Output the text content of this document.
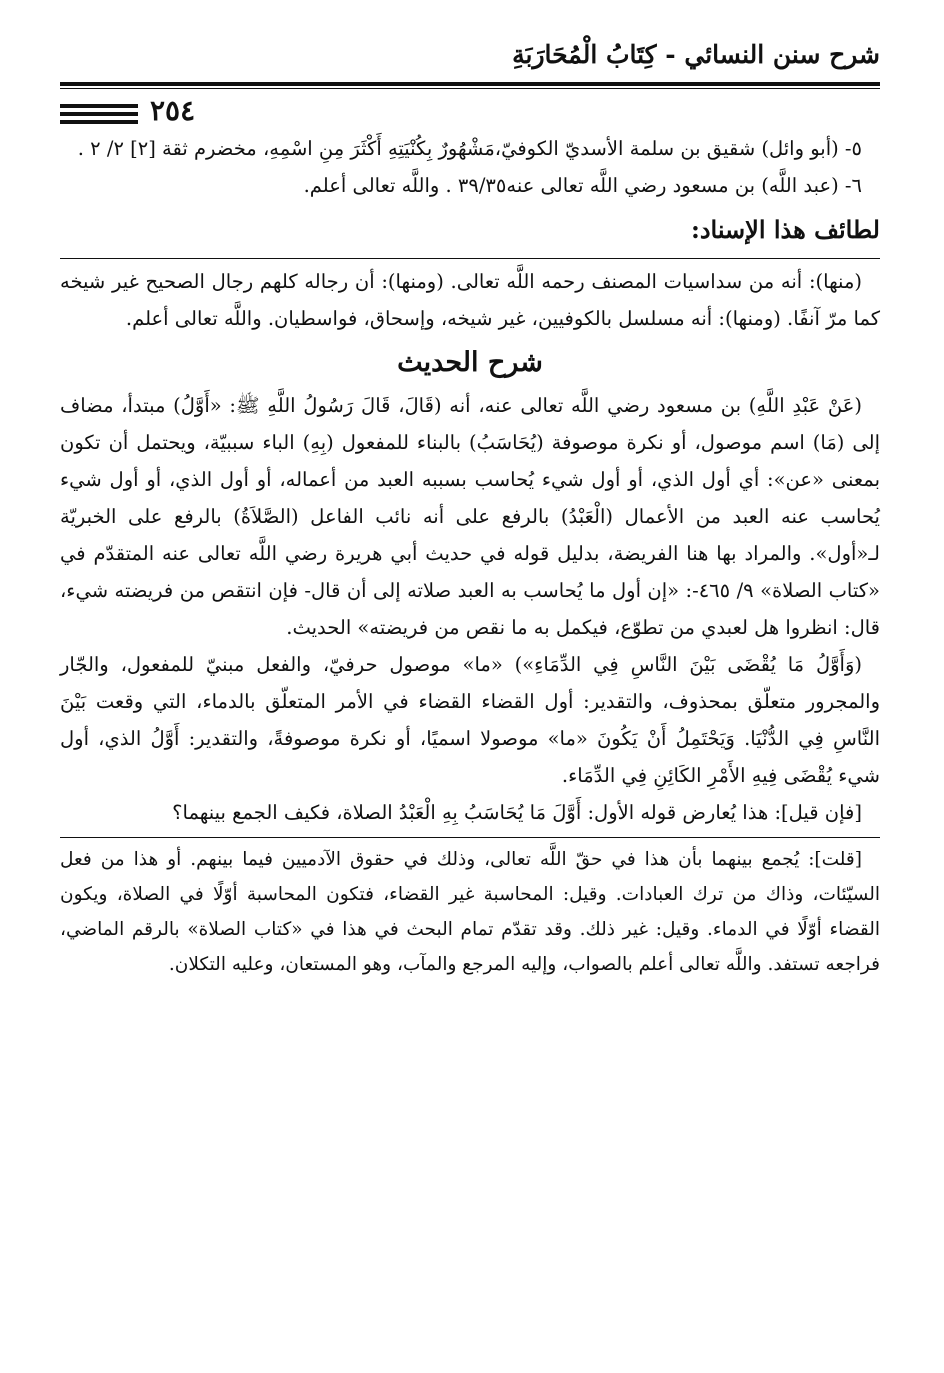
شرح سنن النسائي - كِتَابُ الْمُحَارَبَةِ
٢٥٤

٥- (أبو وائل) شقيق بن سلمة الأسديّ الكوفيّ،مَشْهُورٌ بِكُنْيَتِهِ أَكْثَرَ مِنِ اسْمِهِ، مخضرم ثقة [٢] ٢/ ٢ .

٦- (عبد اللَّه) بن مسعود رضي اللَّه تعالى عنه٣٩/٣٥ . واللَّه تعالى أعلم.

لطائف هذا الإسناد:

(منها): أنه من سداسيات المصنف رحمه اللَّه تعالى. (ومنها): أن رجاله كلهم رجال الصحيح غير شيخه كما مرّ آنفًا. (ومنها): أنه مسلسل بالكوفيين، غير شيخه، وإسحاق، فواسطيان. واللَّه تعالى أعلم.

شرح الحديث

(عَنْ عَبْدِ اللَّهِ) بن مسعود رضي اللَّه تعالى عنه، أنه (قَالَ، قَالَ رَسُولُ اللَّهِ ﷺ: «أَوَّلُ) مبتدأ، مضاف إلى (مَا) اسم موصول، أو نكرة موصوفة (يُحَاسَبُ) بالبناء للمفعول (بِهِ) الباء سببيّة، ويحتمل أن تكون بمعنى «عن»: أي أول الذي، أو أول شيء يُحاسب بسببه العبد من أعماله، أو أول الذي، أو أول شيء يُحاسب عنه العبد من الأعمال (الْعَبْدُ) بالرفع على أنه نائب الفاعل (الصَّلاَةُ) بالرفع على الخبريّة لـ«أول». والمراد بها هنا الفريضة، بدليل قوله في حديث أبي هريرة رضي اللَّه تعالى عنه المتقدّم في «كتاب الصلاة» ٩/ ٤٦٥-: «إن أول ما يُحاسب به العبد صلاته إلى أن قال- فإن انتقص من فريضته شيء، قال: انظروا هل لعبدي من تطوّع، فيكمل به ما نقص من فريضته» الحديث.

(وَأَوَّلُ مَا يُقْضَى بَيْنَ النَّاسِ فِي الدِّمَاءِ») «ما» موصول حرفيّ، والفعل مبنيّ للمفعول، والجّار والمجرور متعلّق بمحذوف، والتقدير: أول القضاء القضاء في الأمر المتعلّق بالدماء، التي وقعت بَيْنَ النَّاسِ فِي الدُّنْيَا. وَيَحْتَمِلُ أَنْ يَكُونَ «ما» موصولا اسميًا، أو نكرة موصوفةً، والتقدير: أَوَّلُ الذي، أول شيء يُقْضَى فِيهِ الأَمْرِ الكَائِنِ فِي الدِّمَاء.

[فإن قيل]: هذا يُعارض قوله الأول: أَوَّلَ مَا يُحَاسَبُ بِهِ الْعَبْدُ الصلاة، فكيف الجمع بينهما؟

[قلت]: يُجمع بينهما بأن هذا في حقّ اللَّه تعالى، وذلك في حقوق الآدميين فيما بينهم. أو هذا من فعل السيّئات، وذاك من ترك العبادات. وقيل: المحاسبة غير القضاء، فتكون المحاسبة أوّلًا في الصلاة، ويكون القضاء أوّلًا في الدماء. وقيل: غير ذلك. وقد تقدّم تمام البحث في هذا في «كتاب الصلاة» بالرقم الماضي، فراجعه تستفد. واللَّه تعالى أعلم بالصواب، وإليه المرجع والمآب، وهو المستعان، وعليه التكلان.
